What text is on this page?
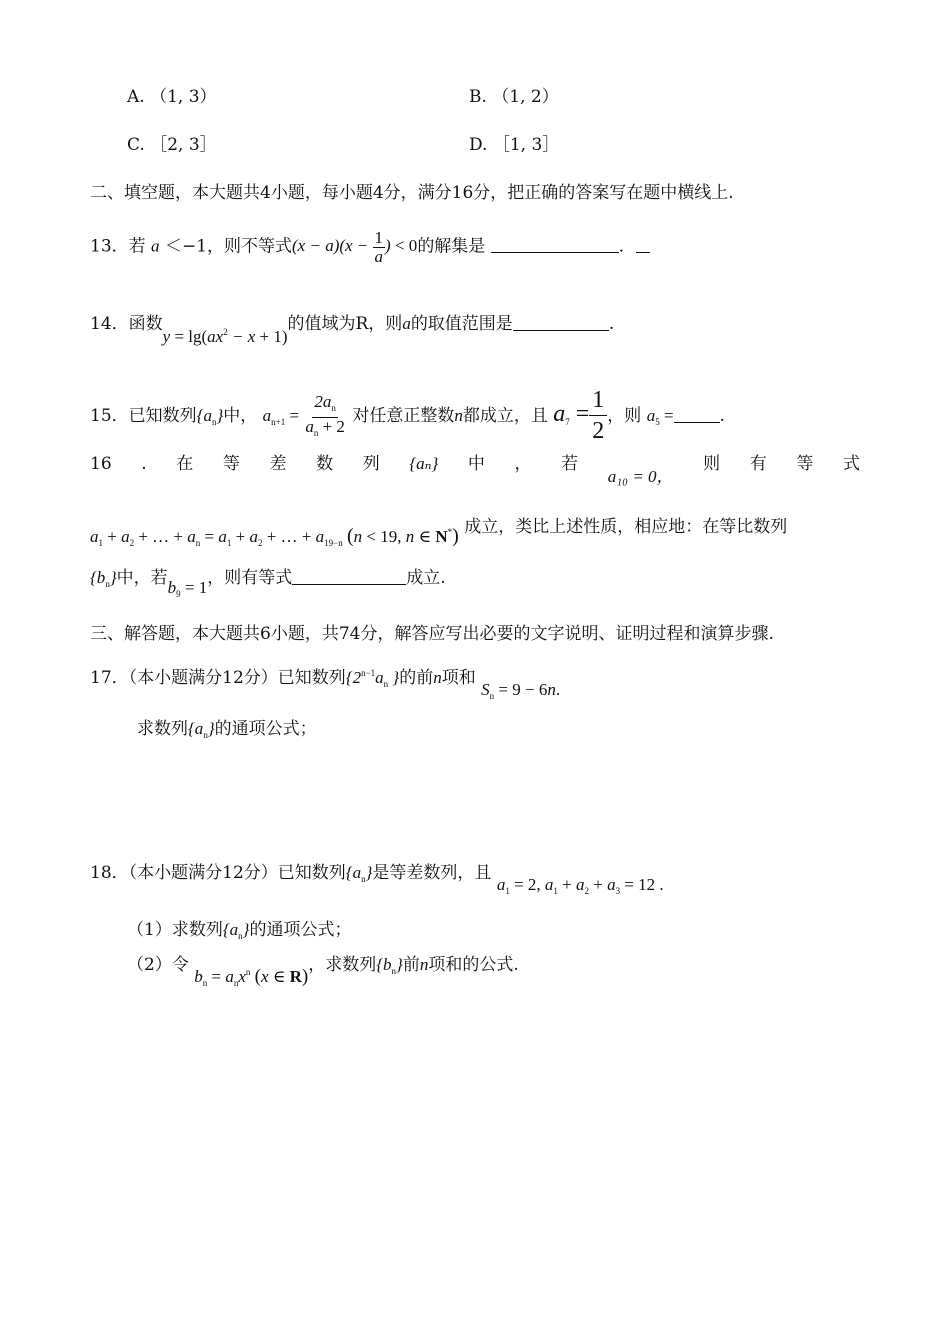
A. （1, 3）	B. （1, 2）
C. ［2, 3］	D. ［1, 3］
二、填空题，本大题共4小题，每小题4分，满分16分，把正确的答案写在题中横线上.
13．若 a ＜−1，则不等式$(x - a)(x - \frac{1}{a}$ ) < 0的解集是	．
14．函数$y = \lg(ax^2 - x + 1)$的值域为R，则a的取值范围是	.
15．已知数列$\{a_n\}$中， $a_{n+1} = \frac{2a_n}{a_n + 2}$ 对任意正整数n都成立，且 $a_7 = \frac{1}{2}$ ，则 $a_5$ =	.
16 . 在 等 差 数 列 {aₙ} 中 ， 若
a₁₀ = 0，
则 有 等 式
$a_1 + a_2$ + … + $a_n = a_1 + a_2$ + … + $a_{19-n}$ (n < 19, n ∈ N*) 成立，类比上述性质，相应地：在等比数列
$\{b_n\}$中，若$b_9 = 1$，则有等式	成立.
三、解答题，本大题共6小题，共74分，解答应写出必要的文字说明、证明过程和演算步骤.
17．（本小题满分12分）已知数列{$2^{n-1}a_n$ }的前n项和 $S_n = 9 - 6n$.
求数列$\{a_n\}$的通项公式；
18．（本小题满分12分）已知数列$\{a_n\}$是等差数列，且 $a_1 = 2$, $a_1 + a_2 + a_3 = 12$ .
（1）求数列$\{a_n\}$的通项公式；
（2）令 $b_n = a_nx^n$ (x ∈ R)，求数列$\{b_n\}$前n项和的公式.
